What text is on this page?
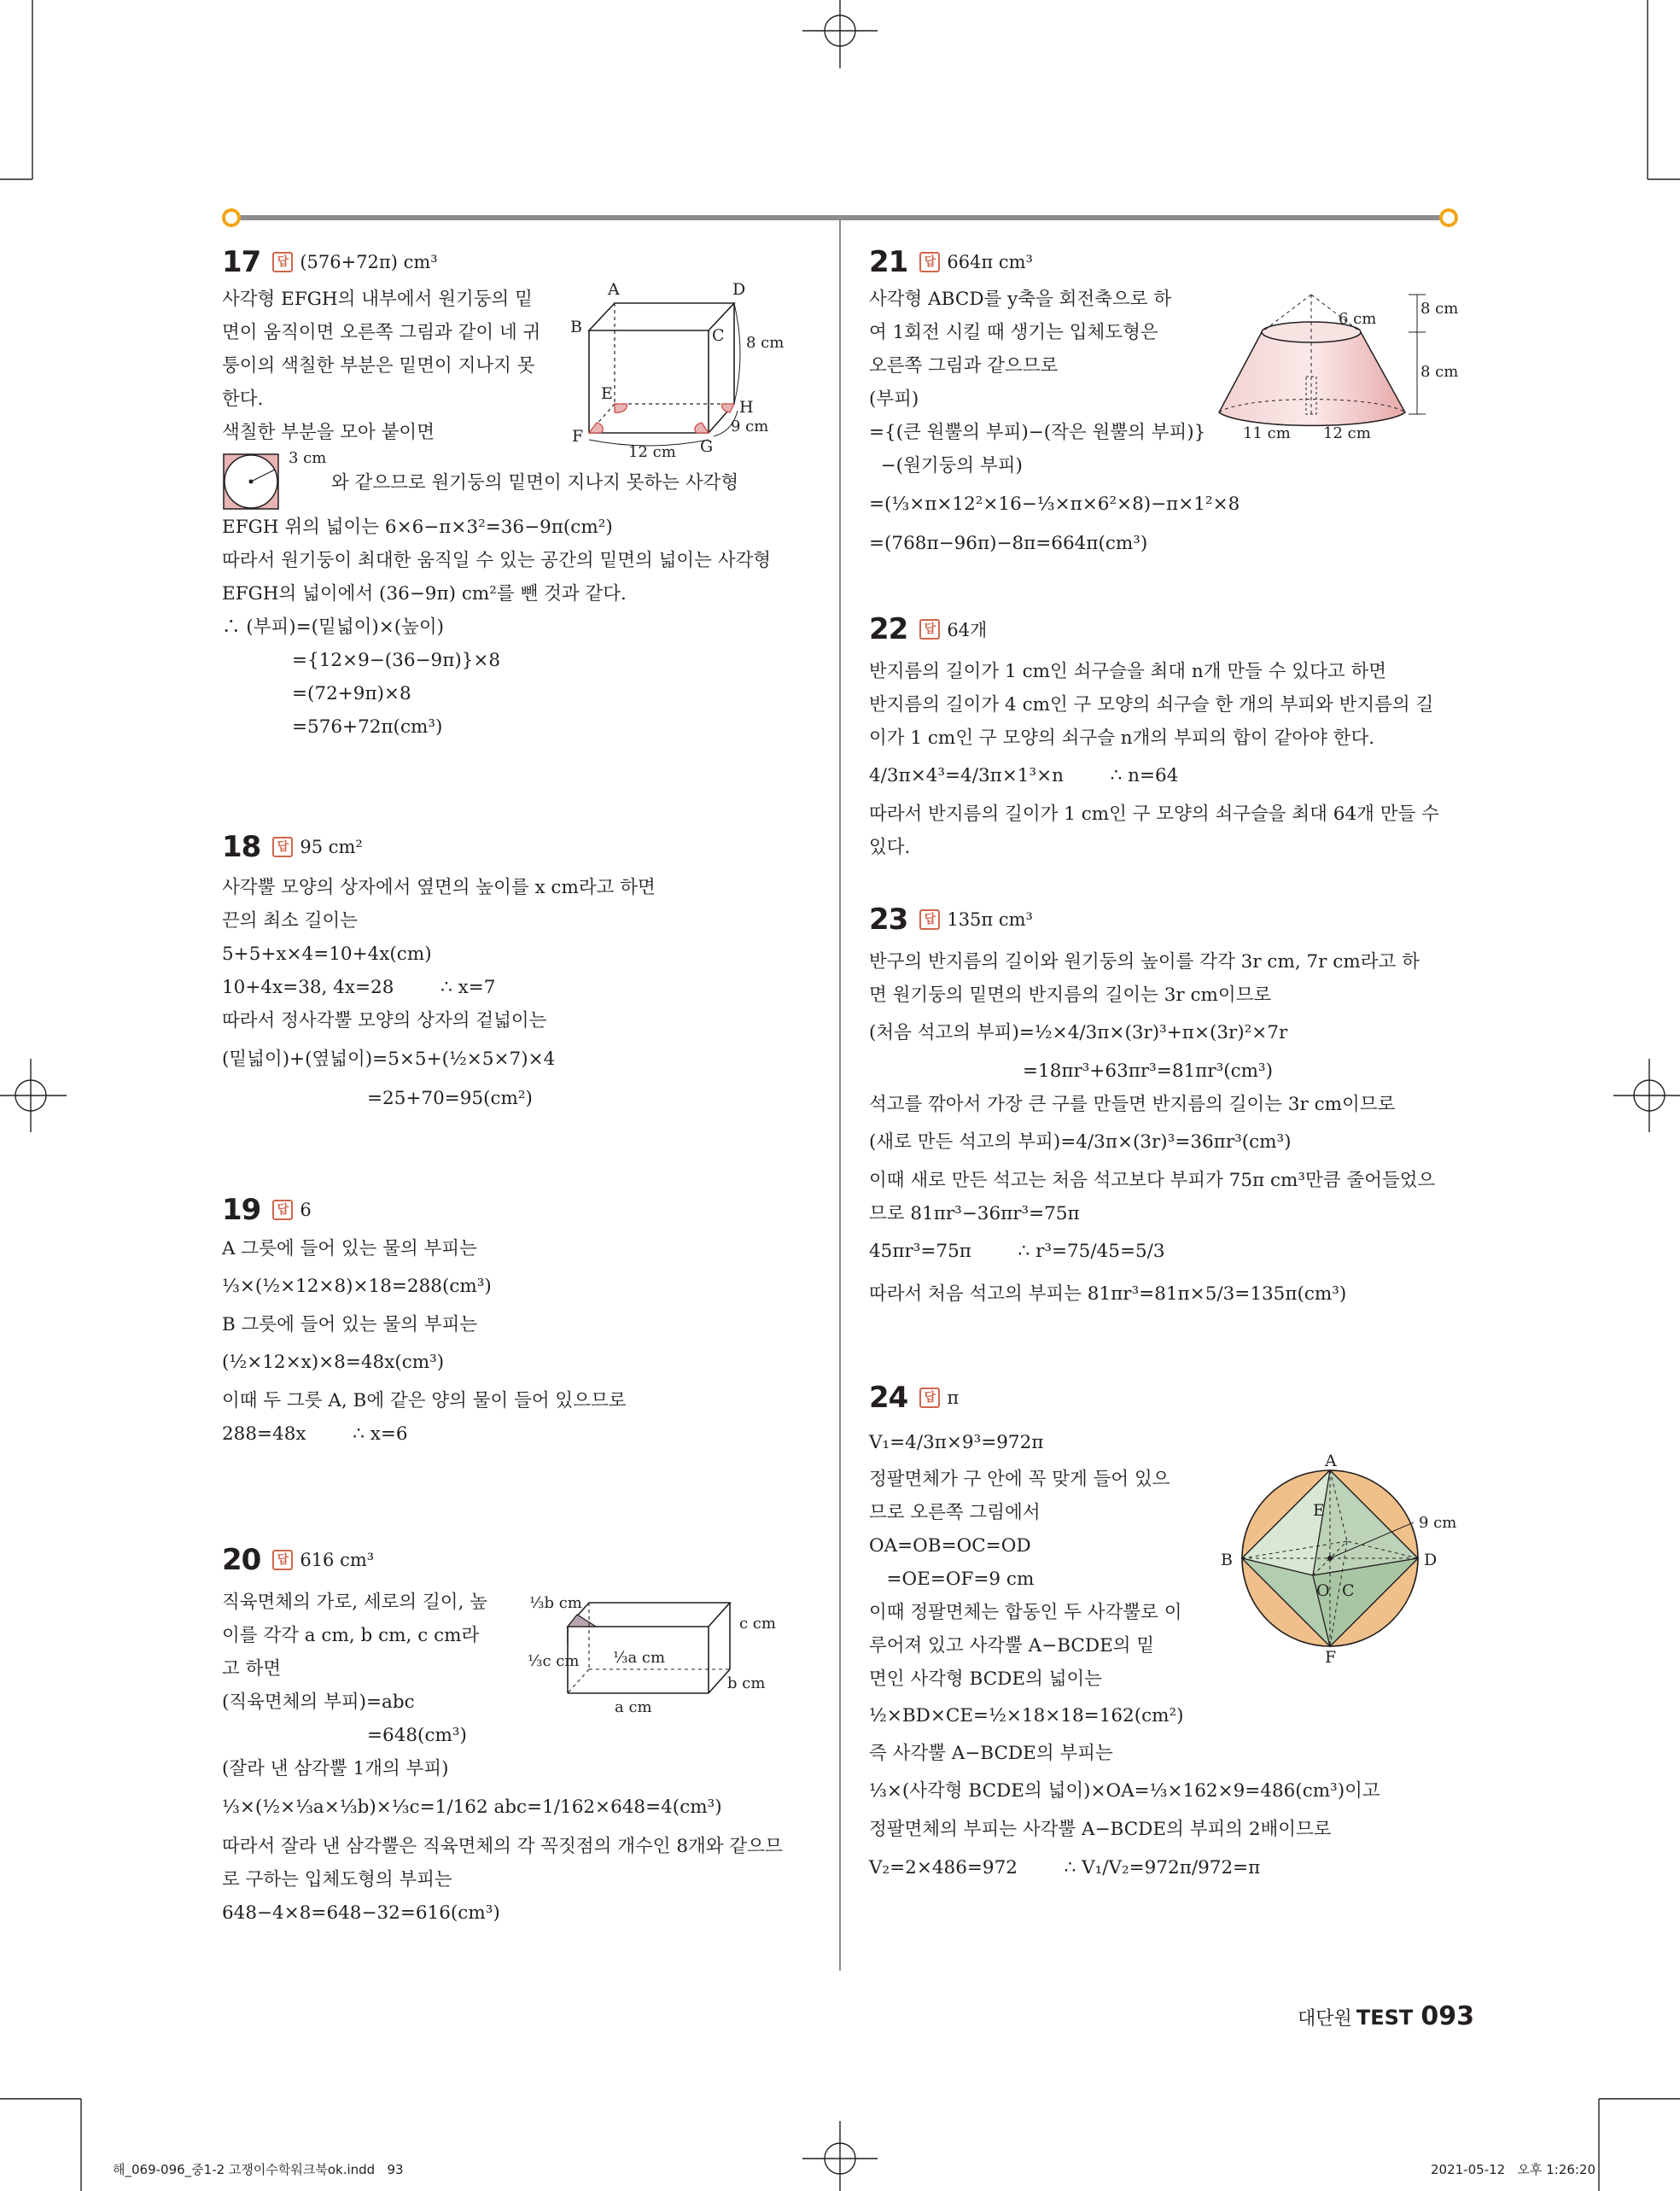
17	답 (576+72π) cm³
사각형 EFGH의 내부에서 원기둥의 밑
면이 움직이면 오른쪽 그림과 같이 네 귀
퉁이의 색칠한 부분은 밑면이 지나지 못
한다.
색칠한 부분을 모아 붙이면
3 cm
와 같으므로 원기둥의 밑면이 지나지 못하는 사각형
EFGH 위의 넓이는 6×6−π×3²=36−9π(cm²)
따라서 원기둥이 최대한 움직일 수 있는 공간의 밑면의 넓이는 사각형
EFGH의 넓이에서 (36−9π) cm²를 뺀 것과 같다.
∴ (부피)=(밑넓이)×(높이)
={12×9−(36−9π)}×8
=(72+9π)×8
=576+72π(cm³)
A	D
B	C
E
H
F
G
8 cm
12 cm
9 cm
18	답 95 cm²
사각뿔 모양의 상자에서 옆면의 높이를 x cm라고 하면
끈의 최소 길이는
5+5+x×4=10+4x(cm)
10+4x=38, 4x=28        ∴ x=7
따라서 정사각뿔 모양의 상자의 겉넓이는
(밑넓이)+(옆넓이)=5×5+(½×5×7)×4
=25+70=95(cm²)
19	답 6
A 그릇에 들어 있는 물의 부피는
⅓×(½×12×8)×18=288(cm³)
B 그릇에 들어 있는 물의 부피는
(½×12×x)×8=48x(cm³)
이때 두 그릇 A, B에 같은 양의 물이 들어 있으므로
288=48x        ∴ x=6
20	답 616 cm³
직육면체의 가로, 세로의 길이, 높
이를 각각 a cm, b cm, c cm라
고 하면
(직육면체의 부피)=abc
=648(cm³)
(잘라 낸 삼각뿔 1개의 부피)
⅓×(½×⅓a×⅓b)×⅓c=1/162 abc=1/162×648=4(cm³)
따라서 잘라 낸 삼각뿔은 직육면체의 각 꼭짓점의 개수인 8개와 같으므
로 구하는 입체도형의 부피는
648−4×8=648−32=616(cm³)
⅓b cm
⅓c cm ⅓a cm
a cm
b cm
c cm
21	답 664π cm³
사각형 ABCD를 y축을 회전축으로 하
여 1회전 시킬 때 생기는 입체도형은
오른쪽 그림과 같으므로
(부피)
={(큰 원뿔의 부피)−(작은 원뿔의 부피)}
−(원기둥의 부피)
=(⅓×π×12²×16−⅓×π×6²×8)−π×1²×8
=(768π−96π)−8π=664π(cm³)
6 cm
8 cm
8 cm
11 cm 12 cm
22	답 64개
반지름의 길이가 1 cm인 쇠구슬을 최대 n개 만들 수 있다고 하면
반지름의 길이가 4 cm인 구 모양의 쇠구슬 한 개의 부피와 반지름의 길
이가 1 cm인 구 모양의 쇠구슬 n개의 부피의 합이 같아야 한다.
4/3π×4³=4/3π×1³×n        ∴ n=64
따라서 반지름의 길이가 1 cm인 구 모양의 쇠구슬을 최대 64개 만들 수
있다.
23	답 135π cm³
반구의 반지름의 길이와 원기둥의 높이를 각각 3r cm, 7r cm라고 하
면 원기둥의 밑면의 반지름의 길이는 3r cm이므로
(처음 석고의 부피)=½×4/3π×(3r)³+π×(3r)²×7r
=18πr³+63πr³=81πr³(cm³)
석고를 깎아서 가장 큰 구를 만들면 반지름의 길이는 3r cm이므로
(새로 만든 석고의 부피)=4/3π×(3r)³=36πr³(cm³)
이때 새로 만든 석고는 처음 석고보다 부피가 75π cm³만큼 줄어들었으
므로 81πr³−36πr³=75π
45πr³=75π        ∴ r³=75/45=5/3
따라서 처음 석고의 부피는 81πr³=81π×5/3=135π(cm³)
24	답 π
V₁=4/3π×9³=972π
정팔면체가 구 안에 꼭 맞게 들어 있으
므로 오른쪽 그림에서
OA=OB=OC=OD
=OE=OF=9 cm
이때 정팔면체는 합동인 두 사각뿔로 이
루어져 있고 사각뿔 A−BCDE의 밑
면인 사각형 BCDE의 넓이는
½×BD×CE=½×18×18=162(cm²)
즉 사각뿔 A−BCDE의 부피는
⅓×(사각형 BCDE의 넓이)×OA=⅓×162×9=486(cm³)이고
정팔면체의 부피는 사각뿔 A−BCDE의 부피의 2배이므로
V₂=2×486=972        ∴ V₁/V₂=972π/972=π
A
B
O C
D
E
F
9 cm
대단원 TEST 093
해_069-096_중1-2 고쟁이수학워크북ok.indd   93	2021-05-12   오후 1:26:20
